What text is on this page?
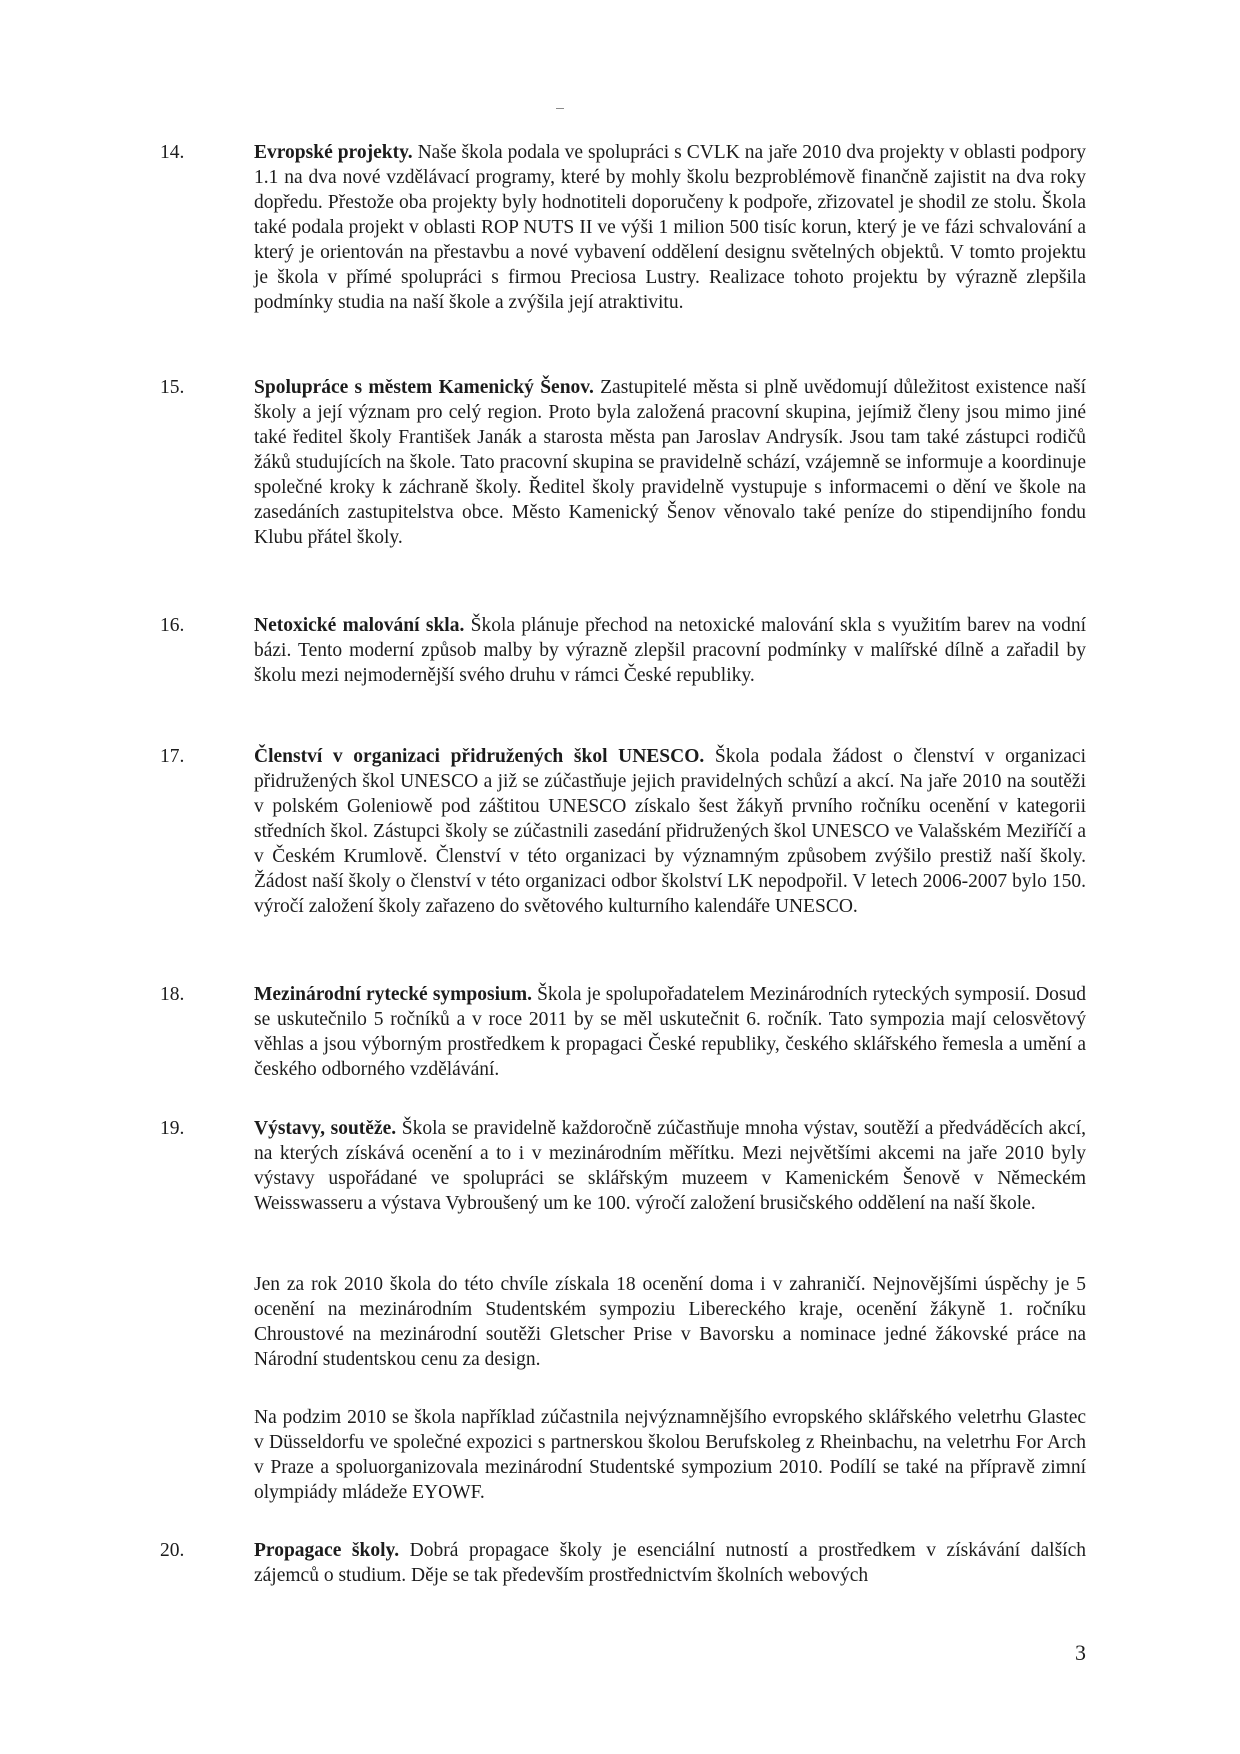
14.	Evropské projekty. Naše škola podala ve spolupráci s CVLK na jaře 2010 dva projekty v oblasti podpory 1.1 na dva nové vzdělávací programy, které by mohly školu bezproblémově finančně zajistit na dva roky dopředu. Přestože oba projekty byly hodnotiteli doporučeny k podpoře, zřizovatel je shodil ze stolu. Škola také podala projekt v oblasti ROP NUTS II ve výši 1 milion 500 tisíc korun, který je ve fázi schvalování a který je orientován na přestavbu a nové vybavení oddělení designu světelných objektů. V tomto projektu je škola v přímé spolupráci s firmou Preciosa Lustry. Realizace tohoto projektu by výrazně zlepšila podmínky studia na naší škole a zvýšila její atraktivitu.

15.	Spolupráce s městem Kamenický Šenov. Zastupitelé města si plně uvědomují důležitost existence naší školy a její význam pro celý region. Proto byla založená pracovní skupina, jejímiž členy jsou mimo jiné také ředitel školy František Janák a starosta města pan Jaroslav Andrysík. Jsou tam také zástupci rodičů žáků studujících na škole. Tato pracovní skupina se pravidelně schází, vzájemně se informuje a koordinuje společné kroky k záchraně školy. Ředitel školy pravidelně vystupuje s informacemi o dění ve škole na zasedáních zastupitelstva obce. Město Kamenický Šenov věnovalo také peníze do stipendijního fondu Klubu přátel školy.

16.	Netoxické malování skla. Škola plánuje přechod na netoxické malování skla s využitím barev na vodní bázi. Tento moderní způsob malby by výrazně zlepšil pracovní podmínky v malířské dílně a zařadil by školu mezi nejmodernější svého druhu v rámci České republiky.

17.	Členství v organizaci přidružených škol UNESCO. Škola podala žádost o členství v organizaci přidružených škol UNESCO a již se zúčastňuje jejich pravidelných schůzí a akcí. Na jaře 2010 na soutěži v polském Goleniowě pod záštitou UNESCO získalo šest žákyň prvního ročníku ocenění v kategorii středních škol. Zástupci školy se zúčastnili zasedání přidružených škol UNESCO ve Valašském Meziříčí a v Českém Krumlově. Členství v této organizaci by významným způsobem zvýšilo prestiž naší školy. Žádost naší školy o členství v této organizaci odbor školství LK nepodpořil. V letech 2006-2007 bylo 150. výročí založení školy zařazeno do světového kulturního kalendáře UNESCO.

18.	Mezinárodní rytecké symposium. Škola je spolupořadatelem Mezinárodních ryteckých symposií. Dosud se uskutečnilo 5 ročníků a v roce 2011 by se měl uskutečnit 6. ročník. Tato sympozia mají celosvětový věhlas a jsou výborným prostředkem k propagaci České republiky, českého sklářského řemesla a umění a českého odborného vzdělávání.

19.	Výstavy, soutěže. Škola se pravidelně každoročně zúčastňuje mnoha výstav, soutěží a předváděcích akcí, na kterých získává ocenění a to i v mezinárodním měřítku. Mezi největšími akcemi na jaře 2010 byly výstavy uspořádané ve spolupráci se sklářským muzeem v Kamenickém Šenově v Německém Weisswasseru a výstava Vybroušený um ke 100. výročí založení brusičského oddělení na naší škole.

Jen za rok 2010 škola do této chvíle získala 18 ocenění doma i v zahraničí. Nejnovějšími úspěchy je 5 ocenění na mezinárodním Studentském sympoziu Libereckého kraje, ocenění žákyně 1. ročníku Chroustové na mezinárodní soutěži Gletscher Prise v Bavorsku a nominace jedné žákovské práce na Národní studentskou cenu za design.
Na podzim 2010 se škola například zúčastnila nejvýznamnějšího evropského sklářského veletrhu Glastec v Düsseldorfu ve společné expozici s partnerskou školou Berufskoleg z Rheinbachu, na veletrhu For Arch v Praze a spoluorganizovala mezinárodní Studentské sympozium 2010. Podílí se také na přípravě zimní olympiády mládeže EYOWF.
20.	Propagace školy. Dobrá propagace školy je esenciální nutností a prostředkem v získávání dalších zájemců o studium. Děje se tak především prostřednictvím školních webových

3
